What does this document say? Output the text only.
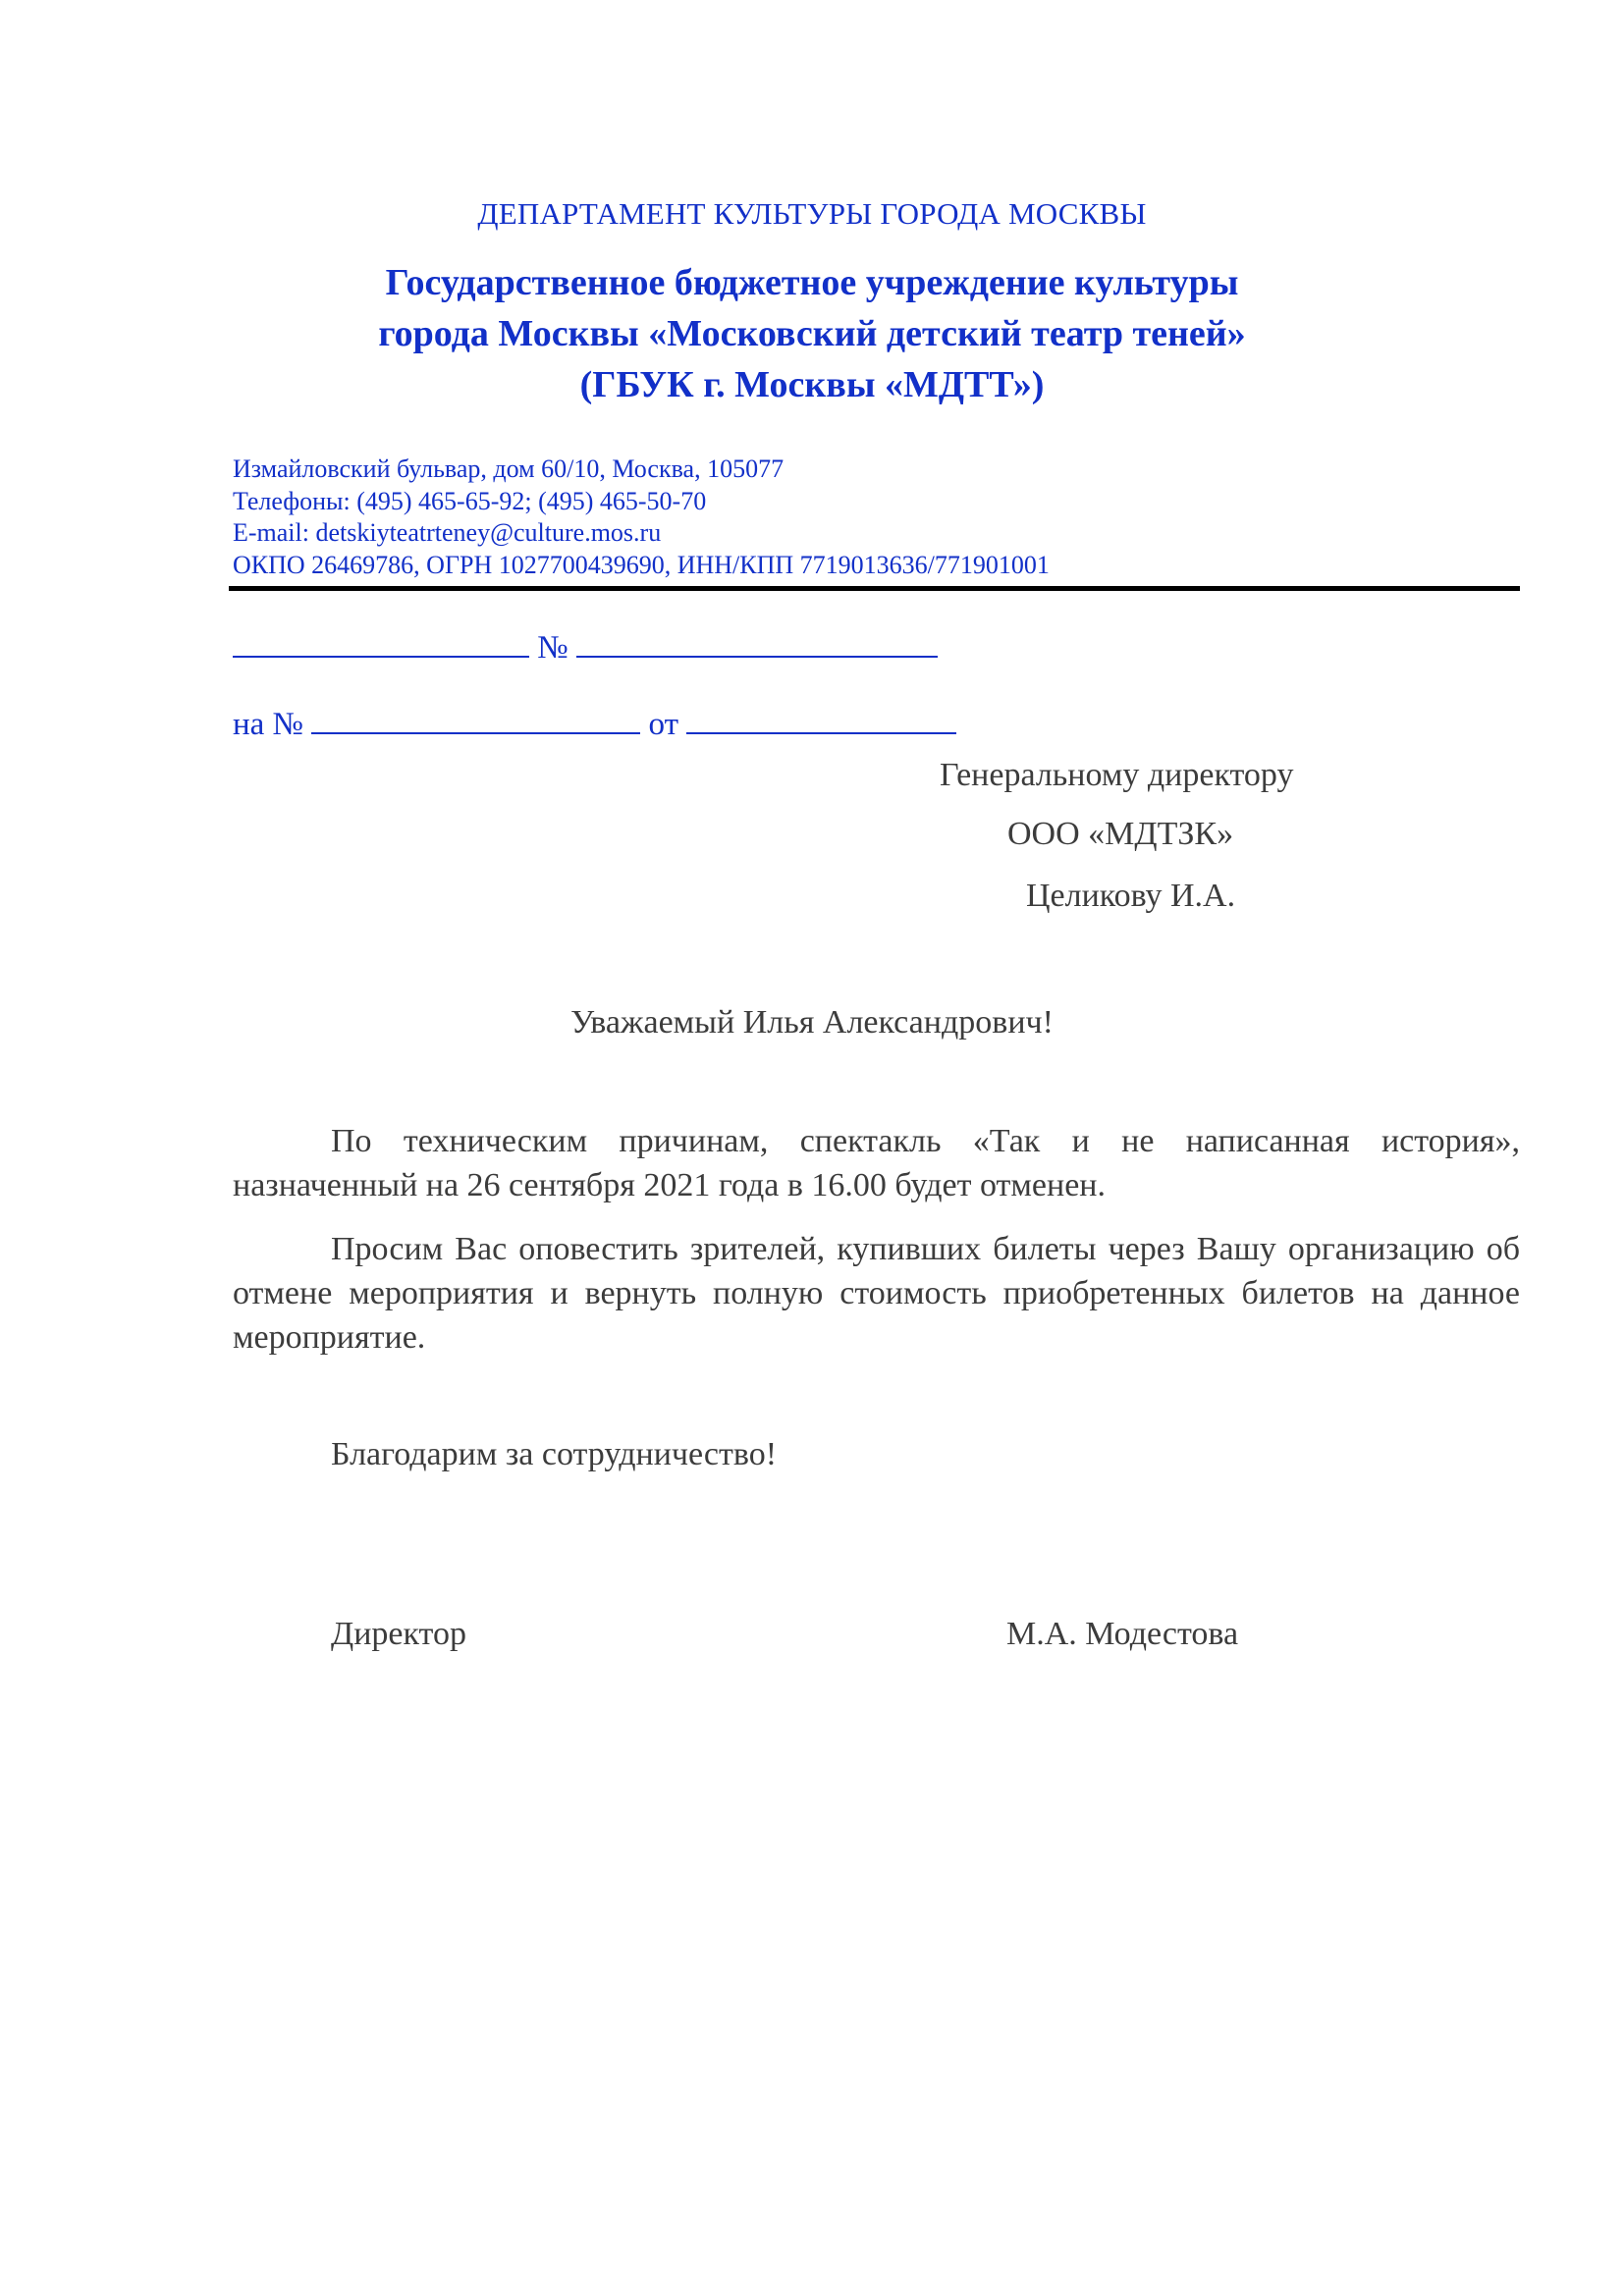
ДЕПАРТАМЕНТ КУЛЬТУРЫ ГОРОДА МОСКВЫ
Государственное бюджетное учреждение культуры
города Москвы «Московский детский театр теней»
(ГБУК г. Москвы «МДТТ»)
Измайловский бульвар, дом 60/10, Москва, 105077
Телефоны: (495) 465-65-92; (495) 465-50-70
E-mail: detskiyteatrteney@culture.mos.ru
ОКПО 26469786, ОГРН 1027700439690, ИНН/КПП 7719013636/771901001
№
на №	от
Генеральному директору
ООО «МДТЗК»
Целикову И.А.
Уважаемый Илья Александрович!
По техническим причинам, спектакль «Так и не написанная история», назначенный на 26 сентября 2021 года в 16.00 будет отменен.
Просим Вас оповестить зрителей, купивших билеты через Вашу организацию об отмене мероприятия и вернуть полную стоимость приобретенных билетов на данное мероприятие.
Благодарим за сотрудничество!
Директор	М.А. Модестова
